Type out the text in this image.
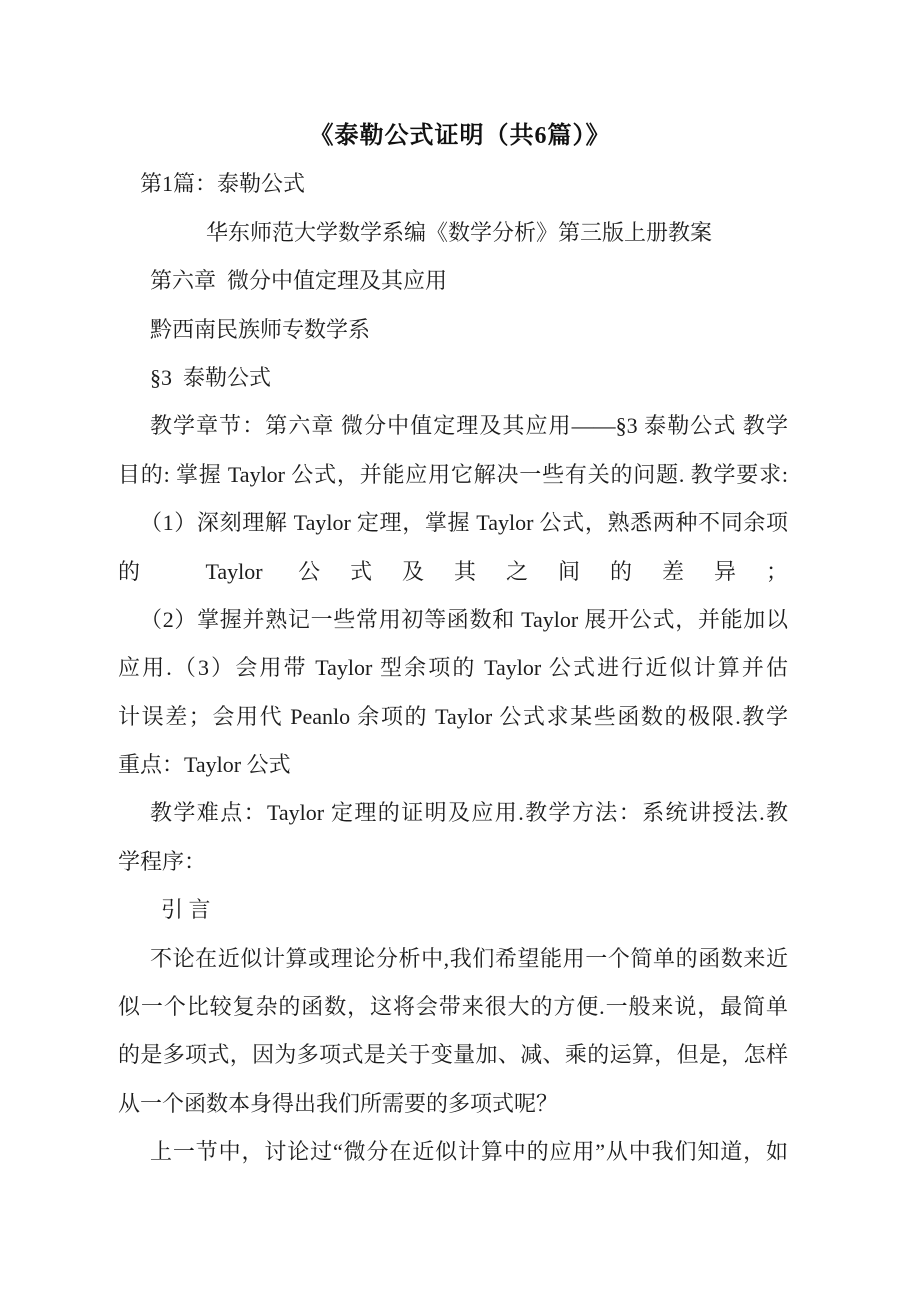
《泰勒公式证明（共6篇）》
第1篇：泰勒公式
华东师范大学数学系编《数学分析》第三版上册教案
第六章  微分中值定理及其应用
黔西南民族师专数学系
§3  泰勒公式
教学章节：第六章 微分中值定理及其应用——§3 泰勒公式 教学
目的: 掌握 Taylor 公式，并能应用它解决一些有关的问题. 教学要求:
（1）深刻理解 Taylor 定理，掌握 Taylor 公式，熟悉两种不同余项
的 Taylor 公式及其之间的差异；
（2）掌握并熟记一些常用初等函数和 Taylor 展开公式，并能加以
应用.（3）会用带 Taylor 型余项的 Taylor 公式进行近似计算并估
计误差；会用代 Peanlo 余项的 Taylor 公式求某些函数的极限.教学
重点：Taylor 公式
教学难点：Taylor 定理的证明及应用.教学方法：系统讲授法.教
学程序：
引 言
不论在近似计算或理论分析中,我们希望能用一个简单的函数来近
似一个比较复杂的函数，这将会带来很大的方便.一般来说，最简单
的是多项式，因为多项式是关于变量加、减、乘的运算，但是，怎样
从一个函数本身得出我们所需要的多项式呢？
上一节中，讨论过“微分在近似计算中的应用”从中我们知道，如
